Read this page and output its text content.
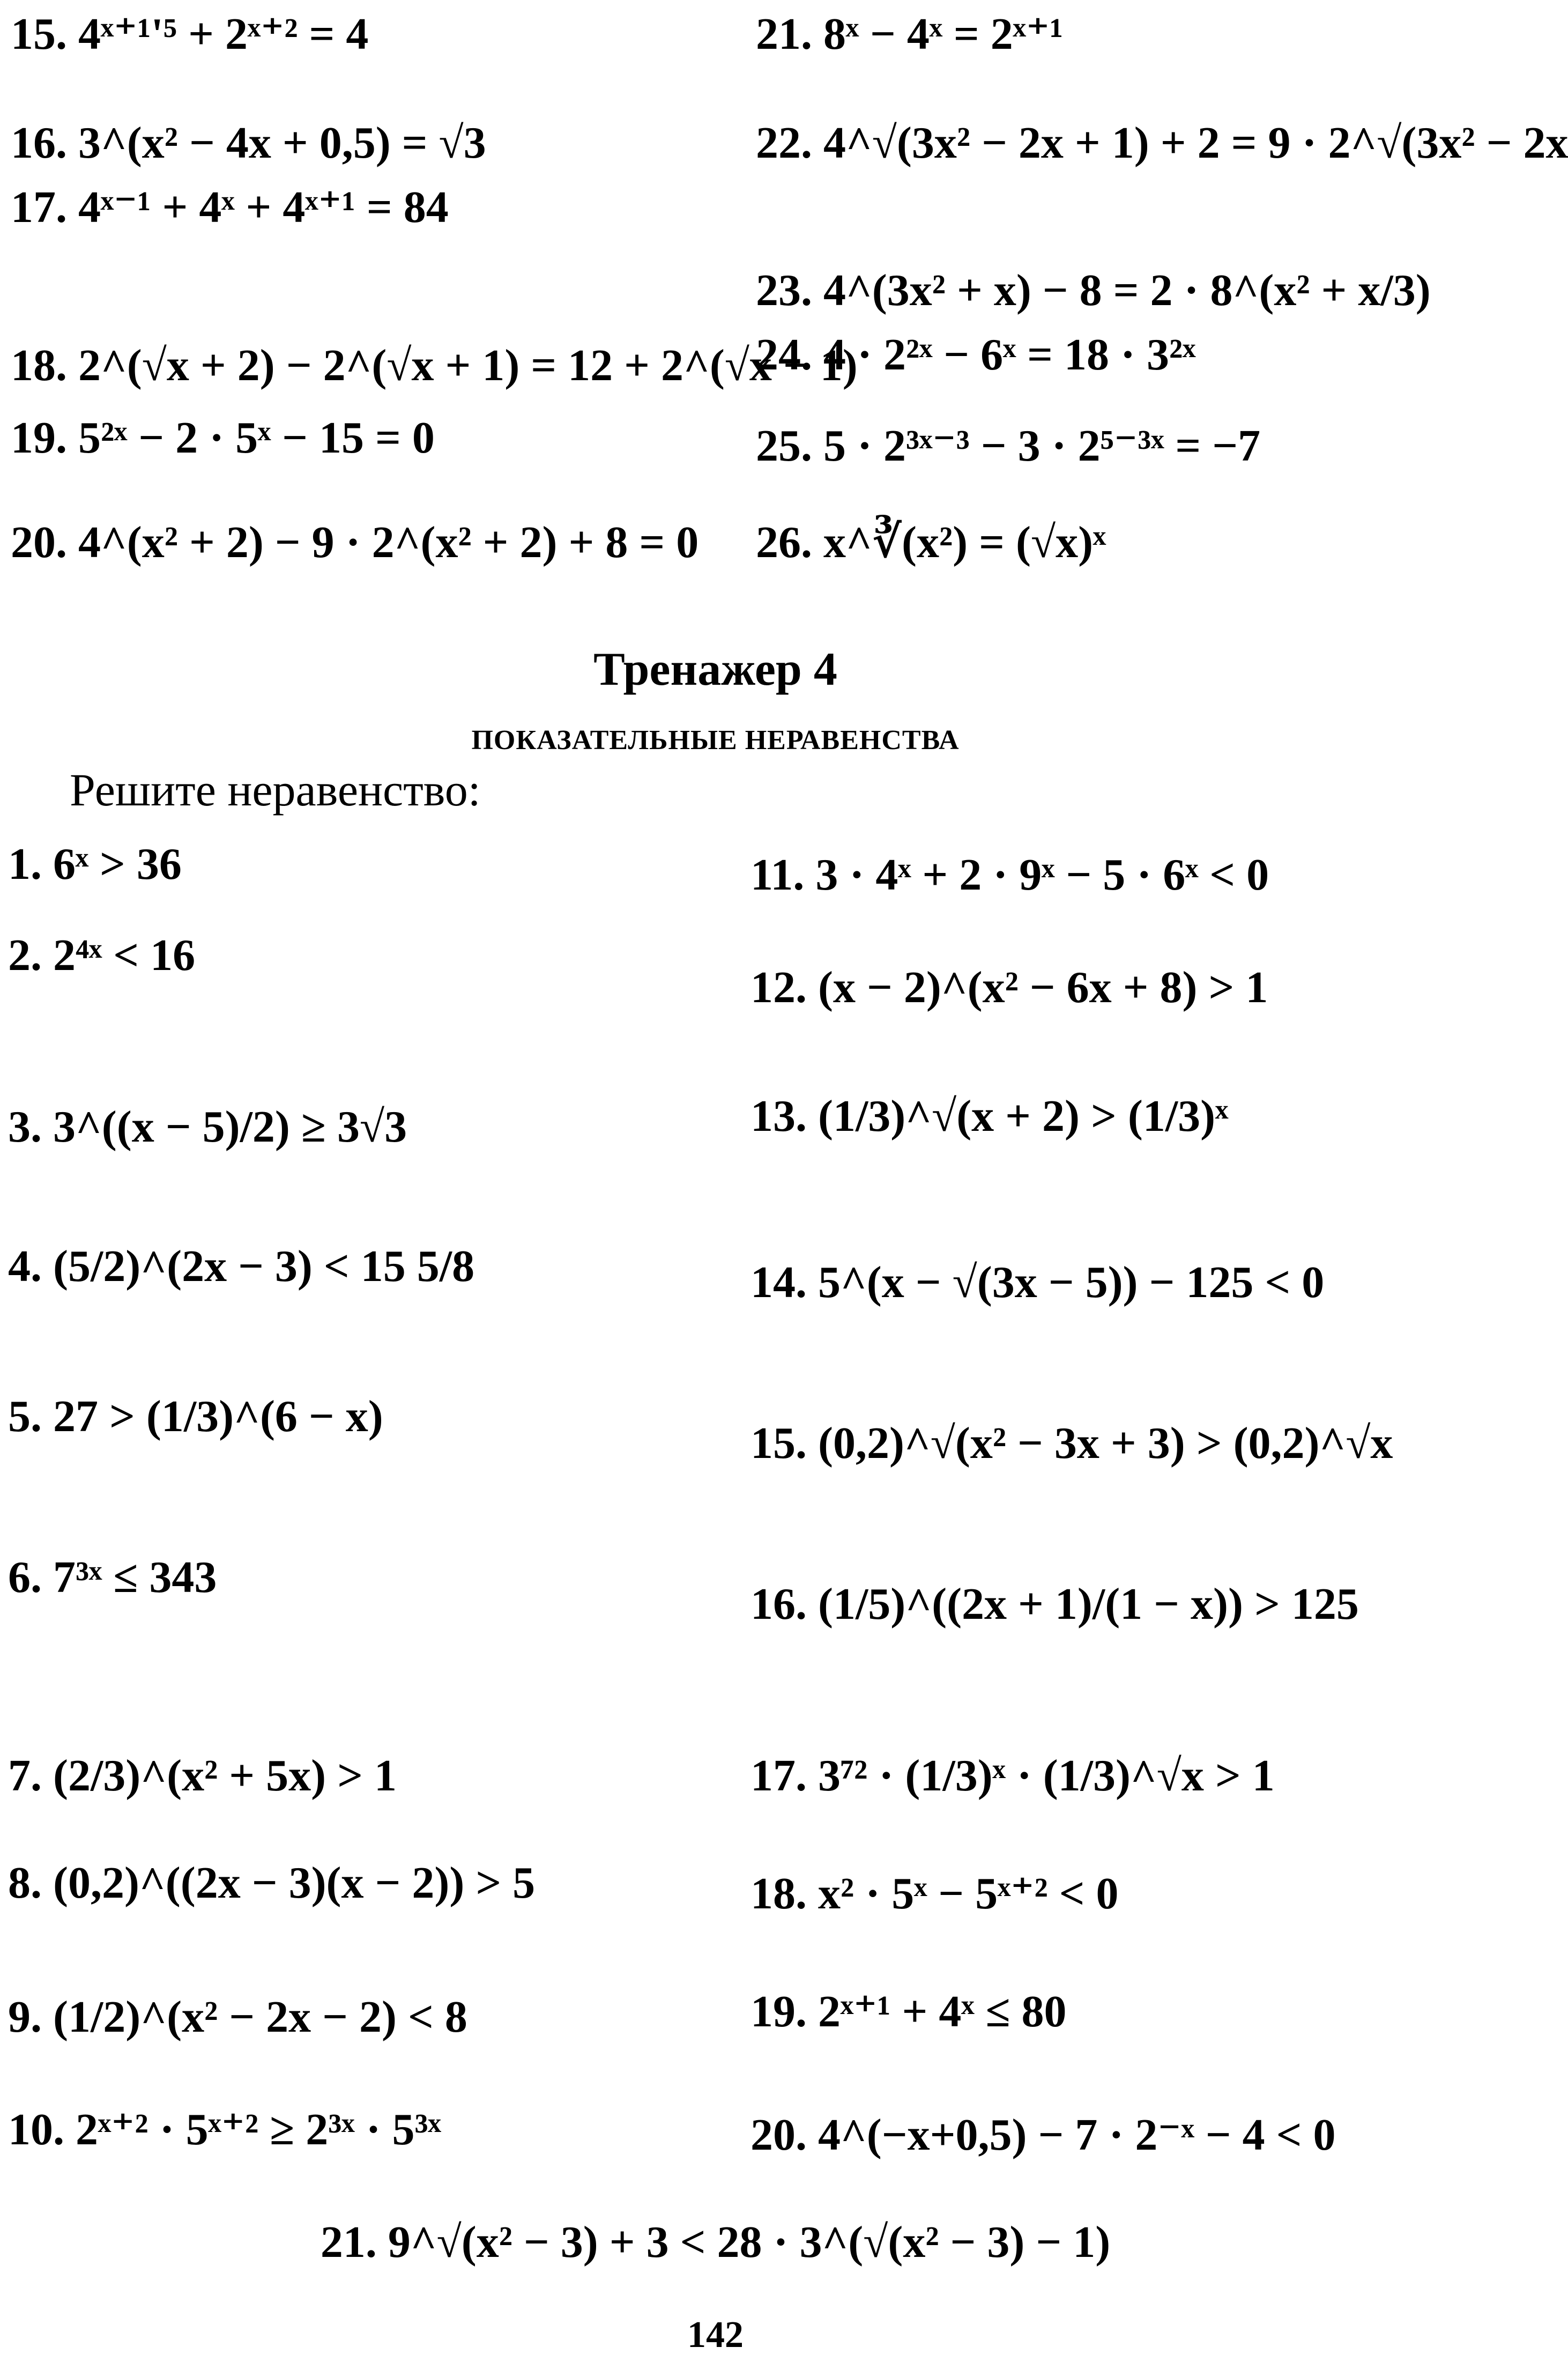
15. 4ˣ⁺¹'⁵ + 2ˣ⁺² = 4
16. 3^(x² − 4x + 0,5) = √3
17. 4ˣ⁻¹ + 4ˣ + 4ˣ⁺¹ = 84
18. 2^(√x + 2) − 2^(√x + 1) = 12 + 2^(√x − 1)
19. 5²ˣ − 2 · 5ˣ − 15 = 0
20. 4^(x² + 2) − 9 · 2^(x² + 2) + 8 = 0
21. 8ˣ − 4ˣ = 2ˣ⁺¹
22. 4^√(3x² − 2x + 1) + 2 = 9 · 2^√(3x² − 2x
23. 4^(3x² + x) − 8 = 2 · 8^(x² + x/3)
24. 4 · 2²ˣ − 6ˣ = 18 · 3²ˣ
25. 5 · 2³ˣ⁻³ − 3 · 2⁵⁻³ˣ = −7
26. x^∛(x²) = (√x)ˣ
Тренажер 4
ПОКАЗАТЕЛЬНЫЕ НЕРАВЕНСТВА
Решите неравенство:
1. 6ˣ > 36
2. 2⁴ˣ < 16
3. 3^((x − 5)/2) ≥ 3√3
4. (5/2)^(2x − 3) < 15 5/8
5. 27 > (1/3)^(6 − x)
6. 7³ˣ ≤ 343
7. (2/3)^(x² + 5x) > 1
8. (0,2)^((2x − 3)(x − 2)) > 5
9. (1/2)^(x² − 2x − 2) < 8
10. 2ˣ⁺² · 5ˣ⁺² ≥ 2³ˣ · 5³ˣ
11. 3 · 4ˣ + 2 · 9ˣ − 5 · 6ˣ < 0
12. (x − 2)^(x² − 6x + 8) > 1
13. (1/3)^√(x + 2) > (1/3)ˣ
14. 5^(x − √(3x − 5)) − 125 < 0
15. (0,2)^√(x² − 3x + 3) > (0,2)^√x
16. (1/5)^((2x + 1)/(1 − x)) > 125
17. 3⁷² · (1/3)ˣ · (1/3)^√x > 1
18. x² · 5ˣ − 5ˣ⁺² < 0
19. 2ˣ⁺¹ + 4ˣ ≤ 80
20. 4^(−x+0,5) − 7 · 2⁻ˣ − 4 < 0
21. 9^√(x² − 3) + 3 < 28 · 3^(√(x² − 3) − 1)
142
